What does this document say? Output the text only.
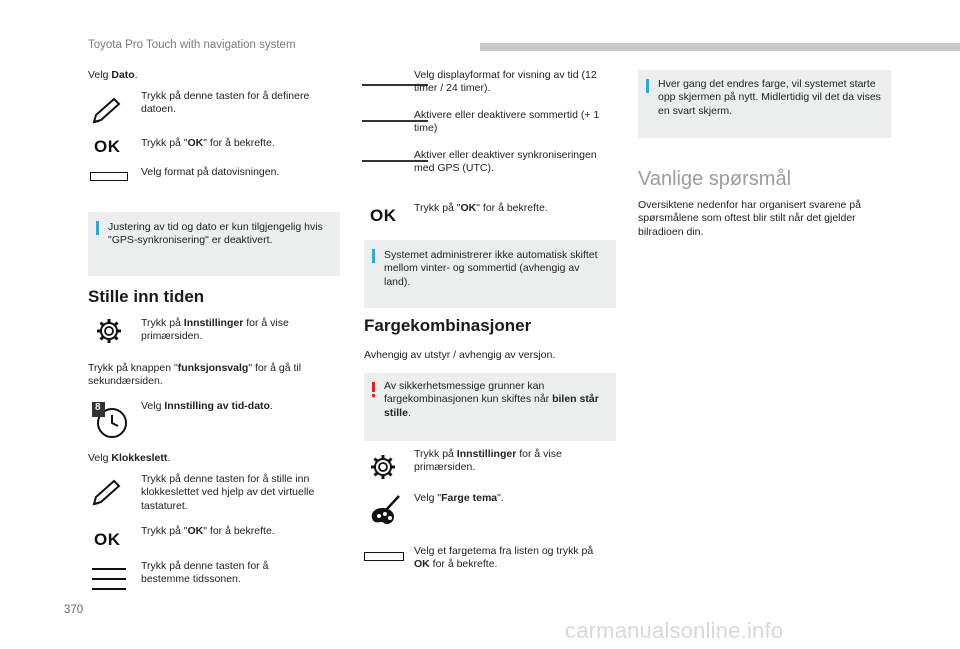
Toyota Pro Touch with navigation system
Velg Dato.
Trykk på denne tasten for å definere datoen.
OK Trykk på "OK" for å bekrefte.
Velg format på datovisningen.
Justering av tid og dato er kun tilgjengelig hvis "GPS-synkronisering" er deaktivert.
Stille inn tiden
Trykk på Innstillinger for å vise primærsiden.
Trykk på knappen "funksjonsvalg" for å gå til sekundærsiden.
8	Velg Innstilling av tid-dato.
Velg Klokkeslett.
Trykk på denne tasten for å stille inn klokkeslettet ved hjelp av det virtuelle tastaturet.
OK Trykk på "OK" for å bekrefte.
Trykk på denne tasten for å bestemme tidssonen.
Velg displayformat for visning av tid (12 timer / 24 timer).
Aktivere eller deaktivere sommertid (+ 1 time)
Aktiver eller deaktiver synkroniseringen med GPS (UTC).
OK Trykk på "OK" for å bekrefte.
Systemet administrerer ikke automatisk skiftet mellom vinter- og sommertid (avhengig av land).
Fargekombinasjoner
Avhengig av utstyr / avhengig av versjon.
Av sikkerhetsmessige grunner kan fargekombinasjonen kun skiftes når bilen står stille.
Trykk på Innstillinger for å vise primærsiden.
Velg "Farge tema".
Velg et fargetema fra listen og trykk på OK for å bekrefte.
Hver gang det endres farge, vil systemet starte opp skjermen på nytt. Midlertidig vil det da vises en svart skjerm.
Vanlige spørsmål
Oversiktene nedenfor har organisert svarene på spørsmålene som oftest blir stilt når det gjelder bilradioen din.
370
carmanualsonline.info
